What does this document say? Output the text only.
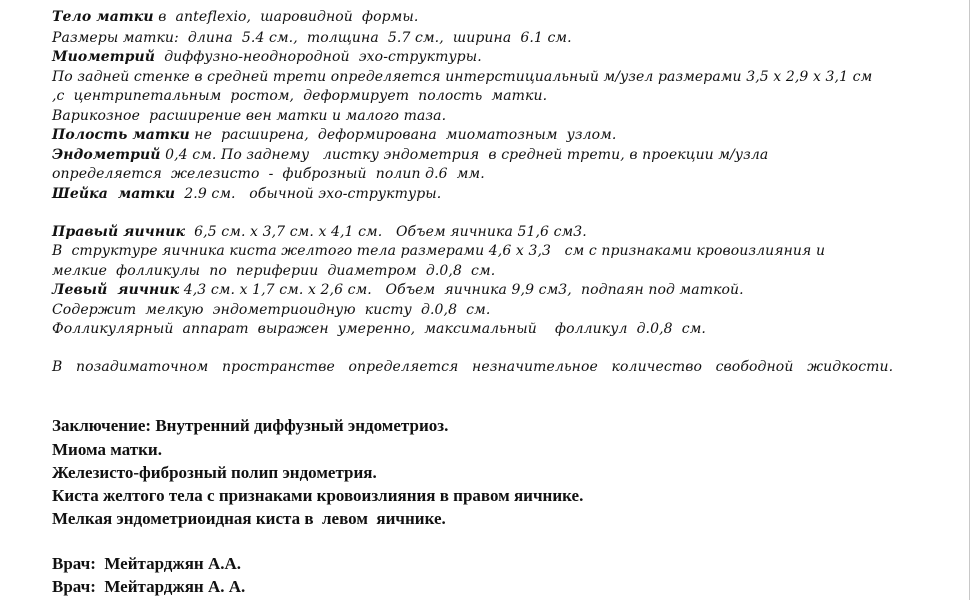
Тело матки в  anteflexio,  шаровидной  формы.
Размеры матки:  длина  5.4 см.,  толщина  5.7 см.,  ширина  6.1 см.
Миометрий  диффузно-неоднородной  эхо-структуры.
По задней стенке в средней трети определяется интерстициальный м/узел размерами 3,5 х 2,9 х 3,1 см
,с  центрипетальным  ростом,  деформирует  полость  матки.
Варикозное  расширение вен матки и малого таза.
Полость матки не  расширена,  деформирована  миоматозным  узлом.
Эндометрий 0,4 см. По заднему   листку эндометрия  в средней трети, в проекции м/узла
определяется  железисто  -  фиброзный  полип д.6  мм.
Шейка  матки  2.9 см.   обычной эхо-структуры.
Правый яичник  6,5 см. х 3,7 см. х 4,1 см.   Объем яичника 51,6 см3.
В  структуре яичника киста желтого тела размерами 4,6 х 3,3   см с признаками кровоизлияния и
мелкие  фолликулы  по  периферии  диаметром  д.0,8  см.
Левый  яичник 4,3 см. х 1,7 см. х 2,6 см.   Объем  яичника 9,9 см3,  подпаян под маткой.
Содержит  мелкую  эндометриоидную  кисту  д.0,8  см.
Фолликулярный  аппарат  выражен  умеренно,  максимальный    фолликул  д.0,8  см.
В   позадиматочном   пространстве   определяется   незначительное   количество   свободной   жидкости.
Заключение: Внутренний диффузный эндометриоз.
Миома матки.
Железисто-фиброзный полип эндометрия.
Киста желтого тела с признаками кровоизлияния в правом яичнике.
Мелкая эндометриоидная киста в  левом  яичнике.
Врач:  Мейтарджян А.А.
Врач:  Мейтарджян А. А.
